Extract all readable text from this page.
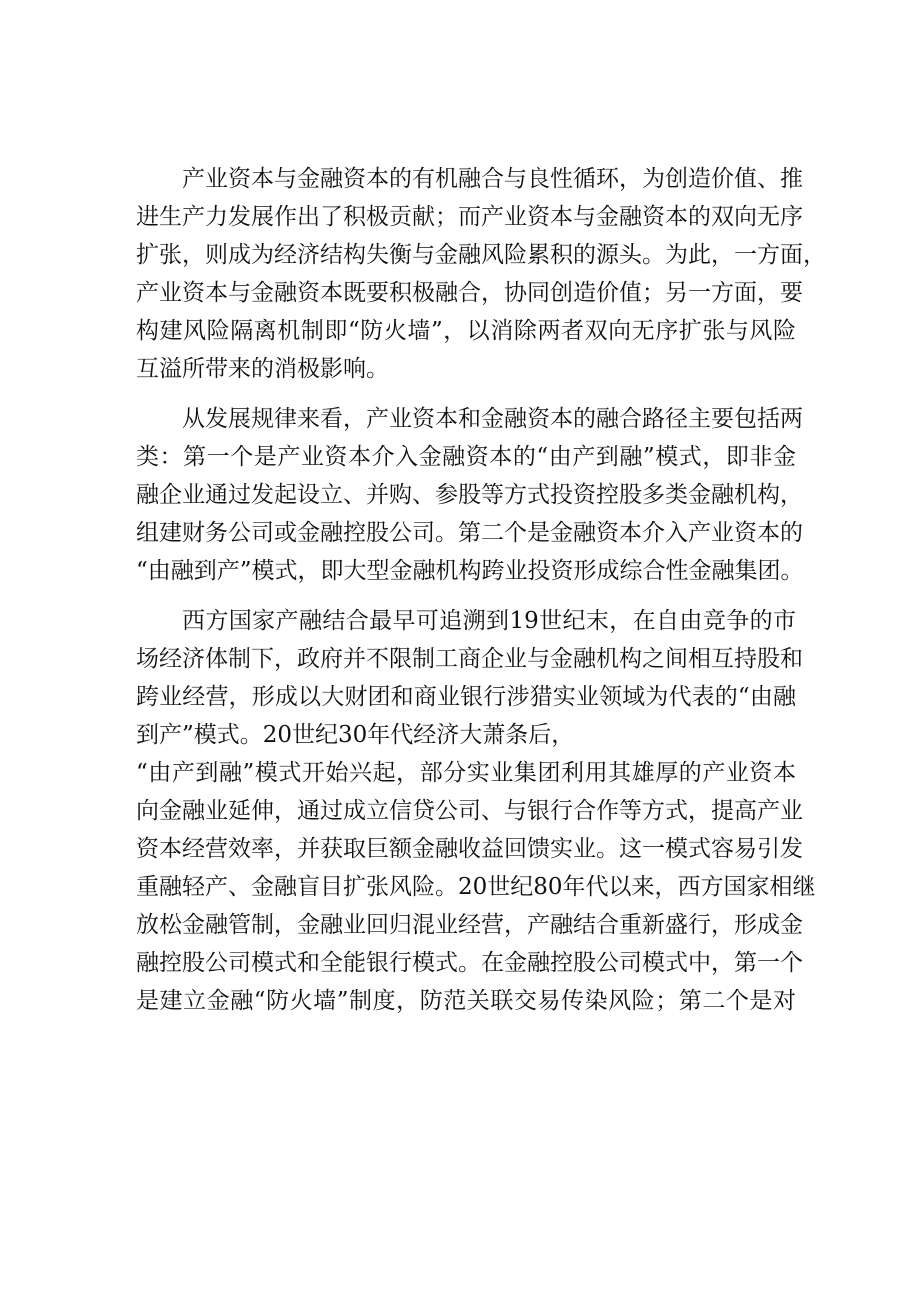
产业资本与金融资本的有机融合与良性循环，为创造价值、推
进生产力发展作出了积极贡献；而产业资本与金融资本的双向无序
扩张，则成为经济结构失衡与金融风险累积的源头。为此，一方面，
产业资本与金融资本既要积极融合，协同创造价值；另一方面，要
构建风险隔离机制即“防火墙”，以消除两者双向无序扩张与风险
互溢所带来的消极影响。
从发展规律来看，产业资本和金融资本的融合路径主要包括两
类：第一个是产业资本介入金融资本的“由产到融”模式，即非金
融企业通过发起设立、并购、参股等方式投资控股多类金融机构，
组建财务公司或金融控股公司。第二个是金融资本介入产业资本的
“由融到产”模式，即大型金融机构跨业投资形成综合性金融集团。
西方国家产融结合最早可追溯到19世纪末，在自由竞争的市
场经济体制下，政府并不限制工商企业与金融机构之间相互持股和
跨业经营，形成以大财团和商业银行涉猎实业领域为代表的“由融
到产”模式。20世纪30年代经济大萧条后，
“由产到融”模式开始兴起，部分实业集团利用其雄厚的产业资本
向金融业延伸，通过成立信贷公司、与银行合作等方式，提高产业
资本经营效率，并获取巨额金融收益回馈实业。这一模式容易引发
重融轻产、金融盲目扩张风险。20世纪80年代以来，西方国家相继
放松金融管制，金融业回归混业经营，产融结合重新盛行，形成金
融控股公司模式和全能银行模式。在金融控股公司模式中，第一个
是建立金融“防火墙”制度，防范关联交易传染风险；第二个是对
